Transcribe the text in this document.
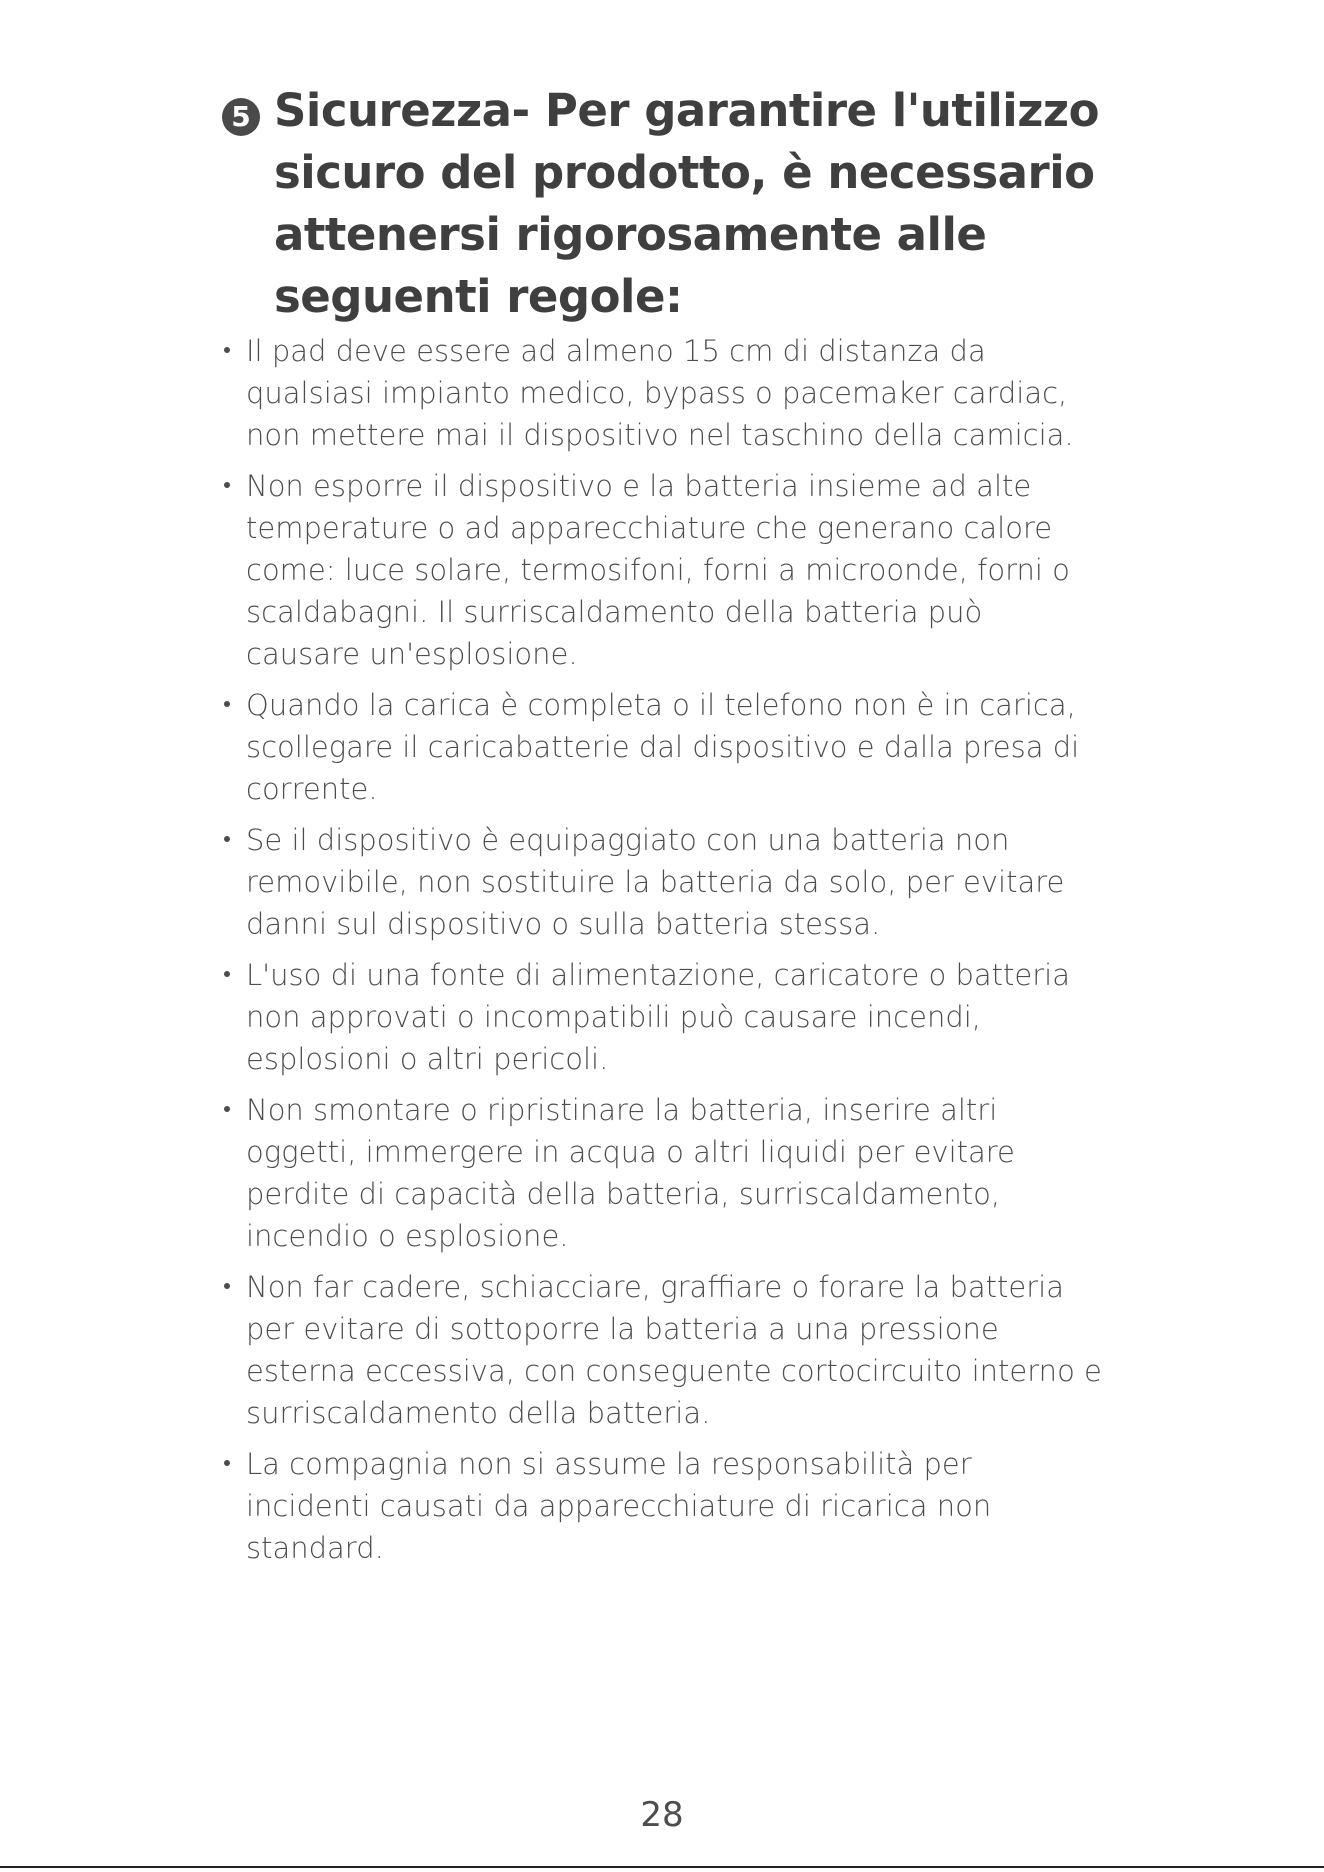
5 Sicurezza- Per garantire l'utilizzo sicuro del prodotto, è necessario attenersi rigorosamente alle seguenti regole:
Il pad deve essere ad almeno 15 cm di distanza da qualsiasi impianto medico, bypass o pacemaker cardiac, non mettere mai il dispositivo nel taschino della camicia.
Non esporre il dispositivo e la batteria insieme ad alte temperature o ad apparecchiature che generano calore come: luce solare, termosifoni, forni a microonde, forni o scaldabagni. Il surriscaldamento della batteria può causare un'esplosione.
Quando la carica è completa o il telefono non è in carica, scollegare il caricabatterie dal dispositivo e dalla presa di corrente.
Se il dispositivo è equipaggiato con una batteria non removibile, non sostituire la batteria da solo, per evitare danni sul dispositivo o sulla batteria stessa.
L'uso di una fonte di alimentazione, caricatore o batteria non approvati o incompatibili può causare incendi, esplosioni o altri pericoli.
Non smontare o ripristinare la batteria, inserire altri oggetti, immergere in acqua o altri liquidi per evitare perdite di capacità della batteria, surriscaldamento, incendio o esplosione.
Non far cadere, schiacciare, graffiare o forare la batteria per evitare di sottoporre la batteria a una pressione esterna eccessiva, con conseguente cortocircuito interno e surriscaldamento della batteria.
La compagnia non si assume la responsabilità per incidenti causati da apparecchiature di ricarica non standard.
28
